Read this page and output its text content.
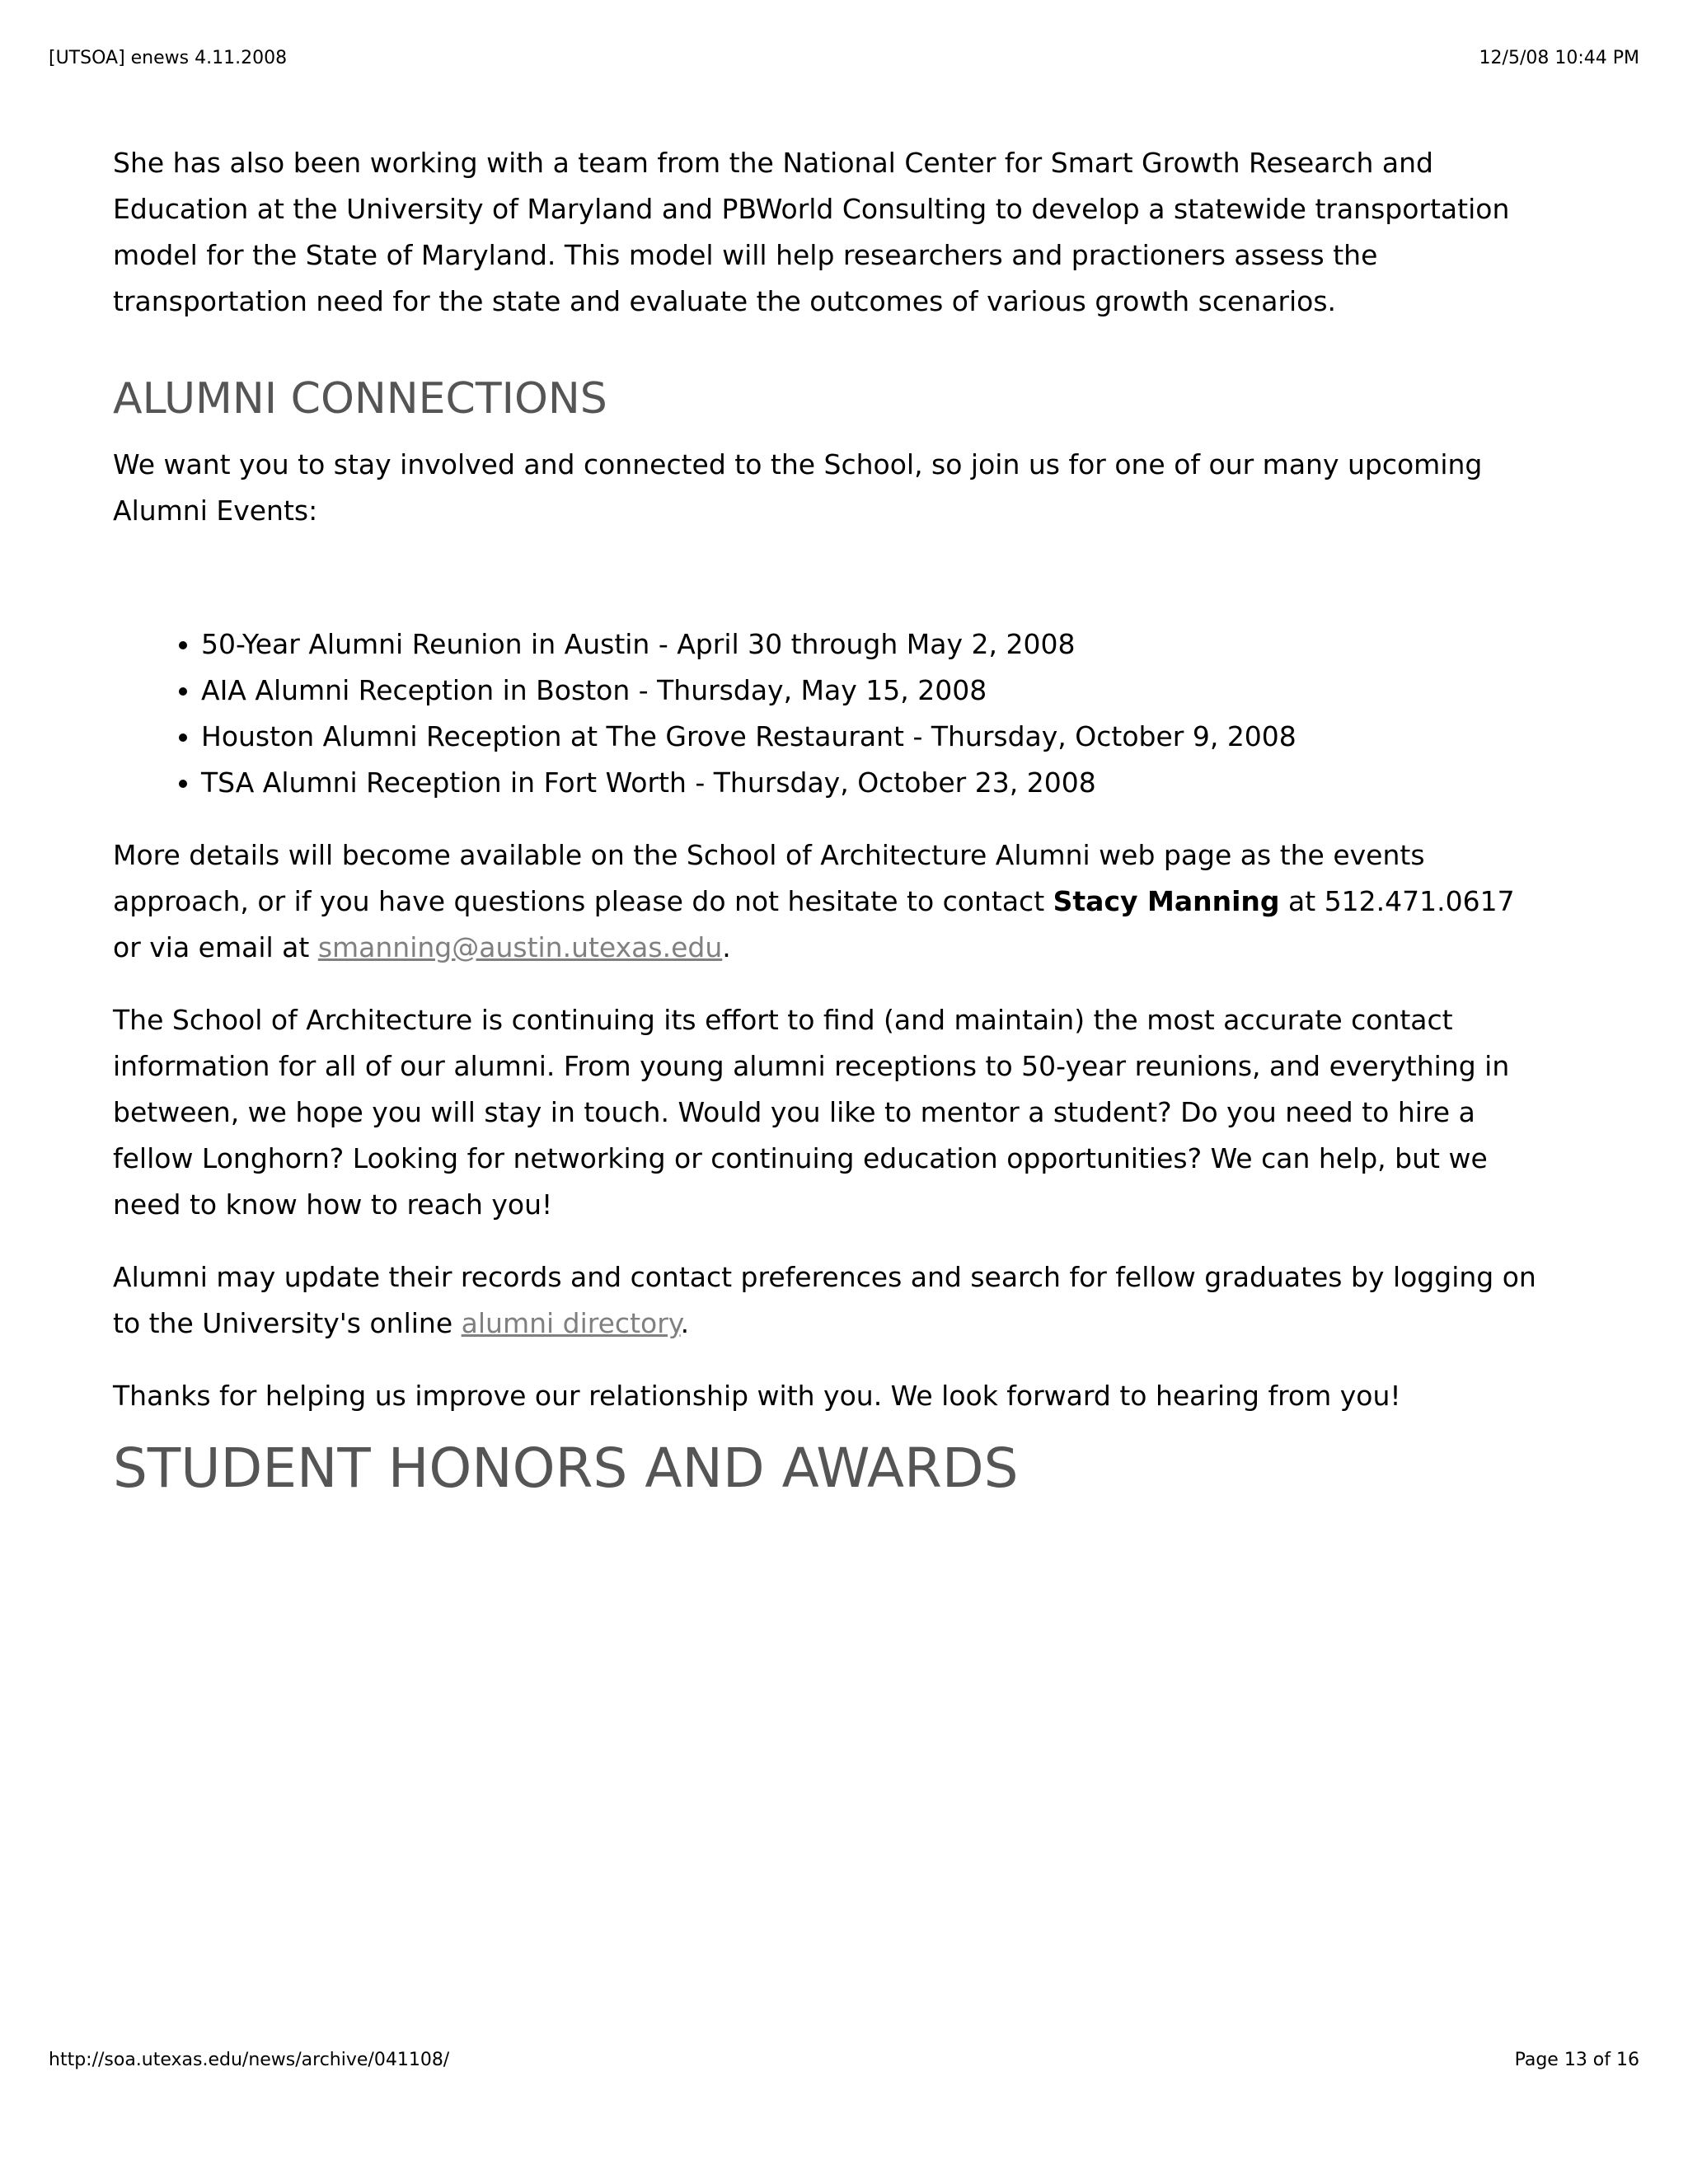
[UTSOA] enews 4.11.2008	12/5/08 10:44 PM

She has also been working with a team from the National Center for Smart Growth Research and Education at the University of Maryland and PBWorld Consulting to develop a statewide transportation model for the State of Maryland. This model will help researchers and practioners assess the transportation need for the state and evaluate the outcomes of various growth scenarios.

ALUMNI CONNECTIONS

We want you to stay involved and connected to the School, so join us for one of our many upcoming Alumni Events:

• 50-Year Alumni Reunion in Austin - April 30 through May 2, 2008
• AIA Alumni Reception in Boston - Thursday, May 15, 2008
• Houston Alumni Reception at The Grove Restaurant - Thursday, October 9, 2008
• TSA Alumni Reception in Fort Worth - Thursday, October 23, 2008

More details will become available on the School of Architecture Alumni web page as the events approach, or if you have questions please do not hesitate to contact Stacy Manning at 512.471.0617 or via email at smanning@austin.utexas.edu.

The School of Architecture is continuing its effort to find (and maintain) the most accurate contact information for all of our alumni. From young alumni receptions to 50-year reunions, and everything in between, we hope you will stay in touch. Would you like to mentor a student? Do you need to hire a fellow Longhorn? Looking for networking or continuing education opportunities? We can help, but we need to know how to reach you!

Alumni may update their records and contact preferences and search for fellow graduates by logging on to the University's online alumni directory.

Thanks for helping us improve our relationship with you. We look forward to hearing from you!

STUDENT HONORS AND AWARDS
http://soa.utexas.edu/news/archive/041108/	Page 13 of 16
